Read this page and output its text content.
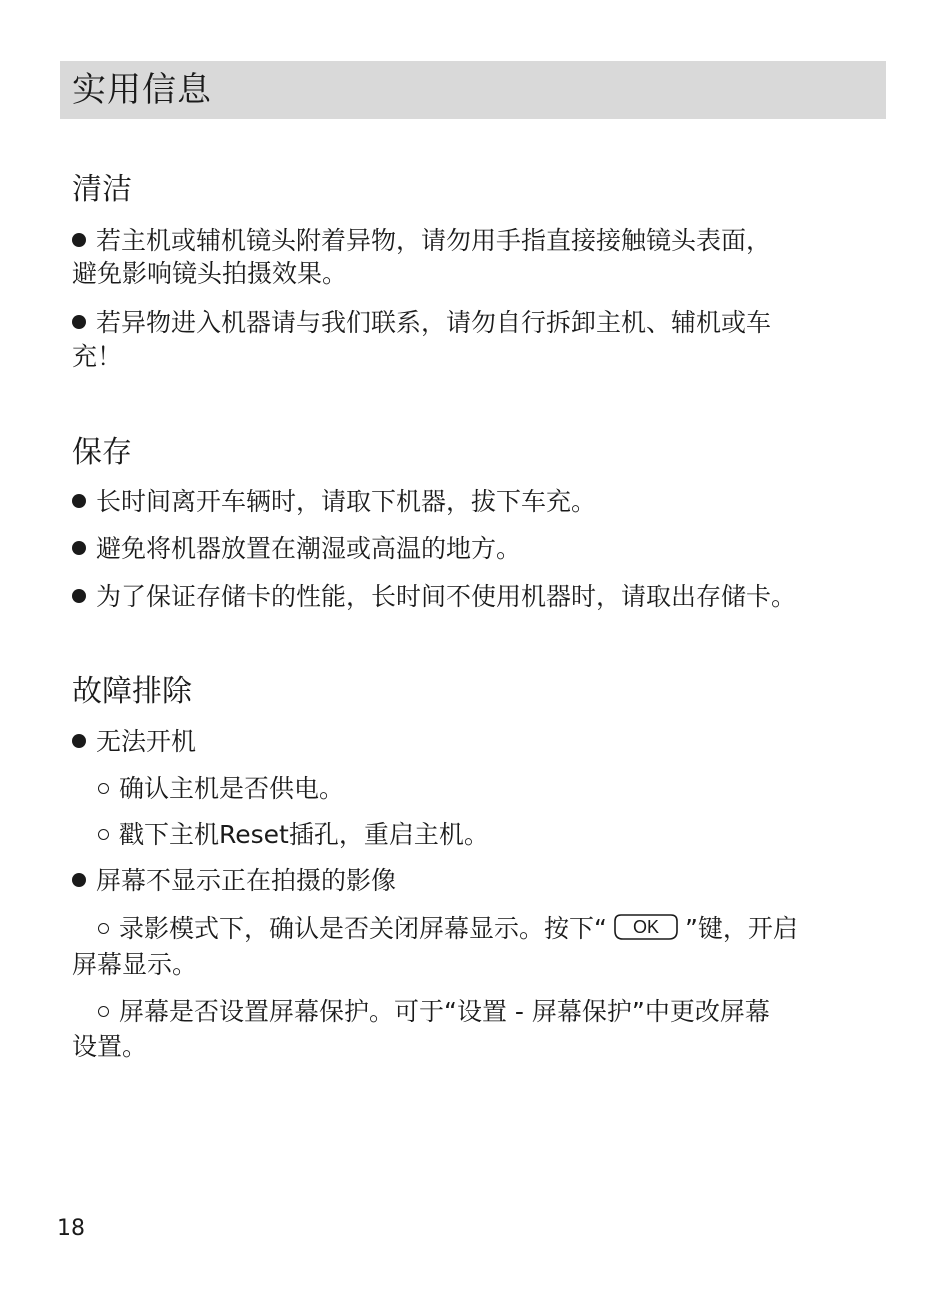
实用信息
清洁
若主机或辅机镜头附着异物，请勿用手指直接接触镜头表面，
避免影响镜头拍摄效果。
若异物进入机器请与我们联系，请勿自行拆卸主机、辅机或车
充！
保存
长时间离开车辆时，请取下机器，拔下车充。
避免将机器放置在潮湿或高温的地方。
为了保证存储卡的性能，长时间不使用机器时，请取出存储卡。
故障排除
无法开机
确认主机是否供电。
戳下主机Reset插孔，重启主机。
屏幕不显示正在拍摄的影像
录影模式下，确认是否关闭屏幕显示。按下“ OK ”键，开启
屏幕显示。
屏幕是否设置屏幕保护。可于“设置 - 屏幕保护”中更改屏幕
设置。
18
